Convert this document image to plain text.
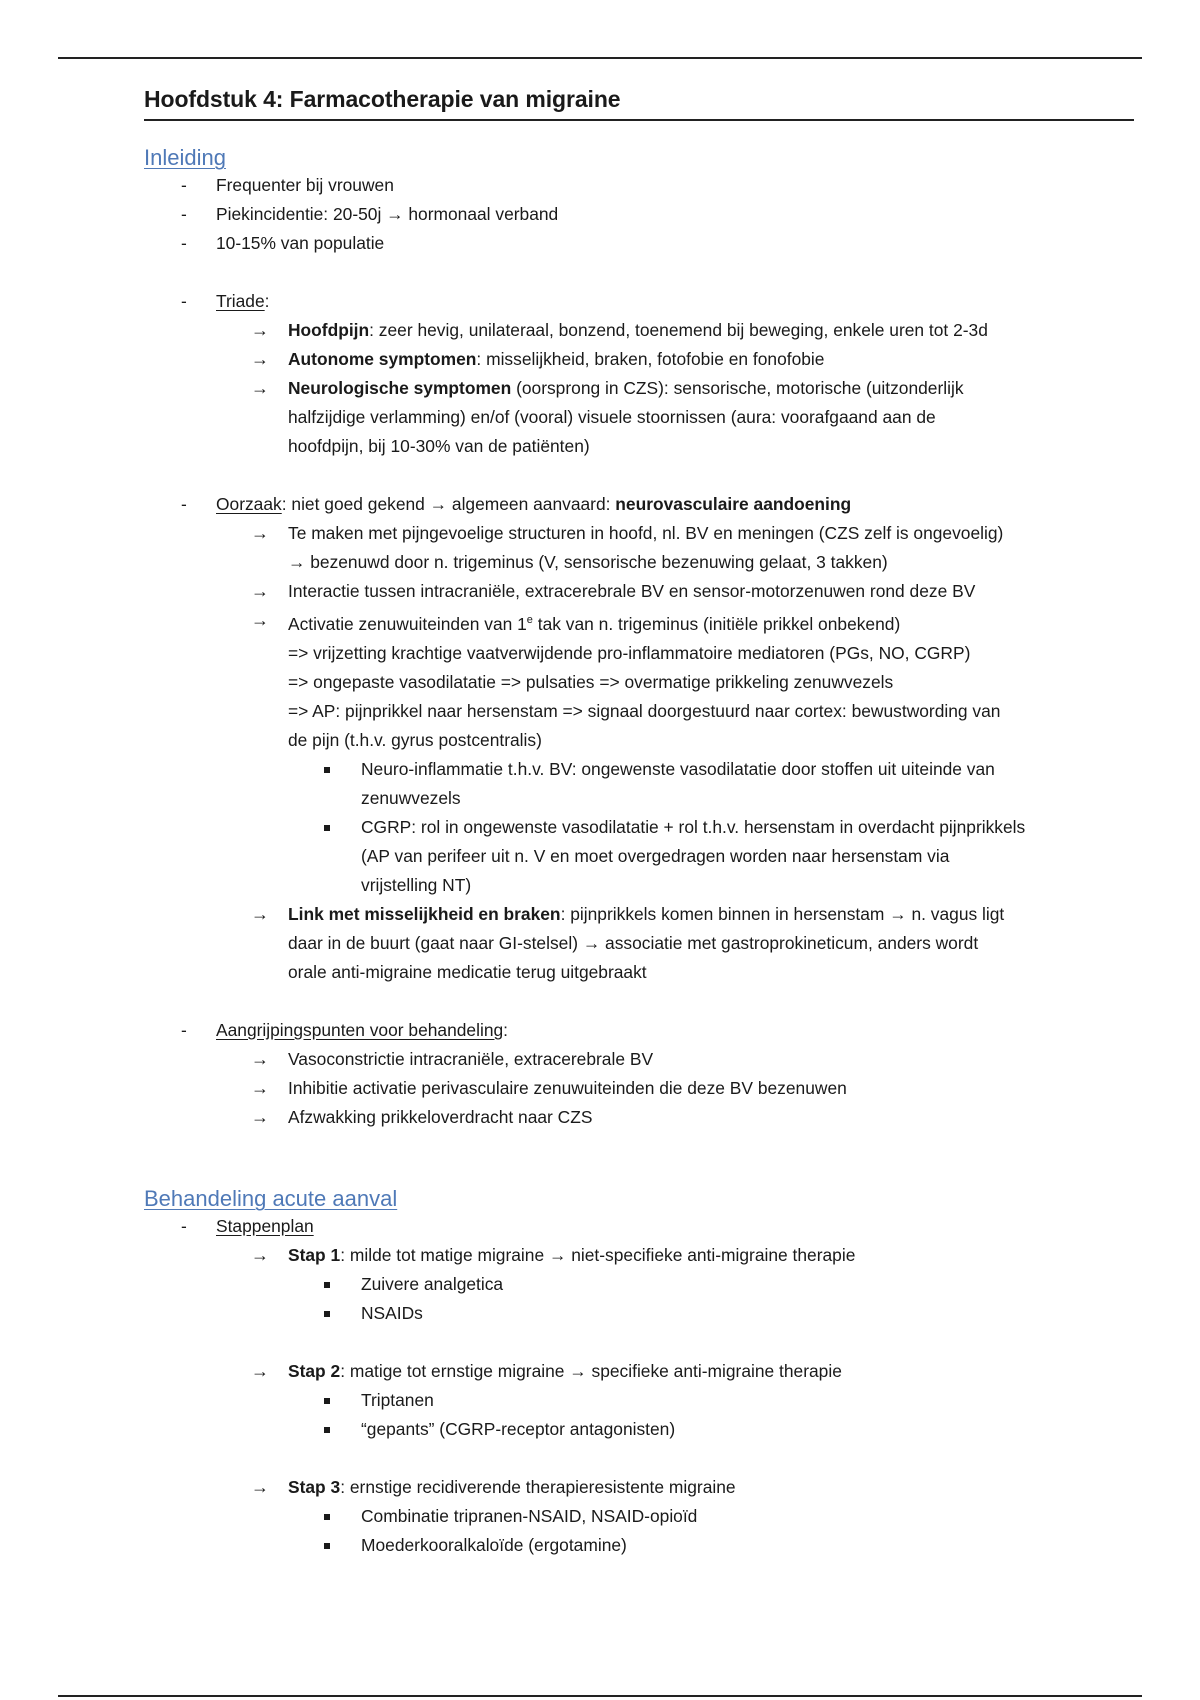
Hoofdstuk 4: Farmacotherapie van migraine
Inleiding
- Frequenter bij vrouwen
- Piekincidentie: 20-50j → hormonaal verband
- 10-15% van populatie
- Triade:
→ Hoofdpijn: zeer hevig, unilateraal, bonzend, toenemend bij beweging, enkele uren tot 2-3d
→ Autonome symptomen: misselijkheid, braken, fotofobie en fonofobie
→ Neurologische symptomen (oorsprong in CZS): sensorische, motorische (uitzonderlijk
halfzijdige verlamming) en/of (vooral) visuele stoornissen (aura: voorafgaand aan de
hoofdpijn, bij 10-30% van de patiënten)
- Oorzaak: niet goed gekend → algemeen aanvaard: neurovasculaire aandoening
→ Te maken met pijngevoelige structuren in hoofd, nl. BV en meningen (CZS zelf is ongevoelig)
→ bezenuwd door n. trigeminus (V, sensorische bezenuwing gelaat, 3 takken)
→ Interactie tussen intracraniële, extracerebrale BV en sensor-motorzenuwen rond deze BV
→ Activatie zenuwuiteinden van 1e tak van n. trigeminus (initiële prikkel onbekend)
=> vrijzetting krachtige vaatverwijdende pro-inflammatoire mediatoren (PGs, NO, CGRP)
=> ongepaste vasodilatatie => pulsaties => overmatige prikkeling zenuwvezels
=> AP: pijnprikkel naar hersenstam => signaal doorgestuurd naar cortex: bewustwording van
de pijn (t.h.v. gyrus postcentralis)
Neuro-inflammatie t.h.v. BV: ongewenste vasodilatatie door stoffen uit uiteinde van
zenuwvezels
CGRP: rol in ongewenste vasodilatatie + rol t.h.v. hersenstam in overdacht pijnprikkels
(AP van perifeer uit n. V en moet overgedragen worden naar hersenstam via
vrijstelling NT)
→ Link met misselijkheid en braken: pijnprikkels komen binnen in hersenstam → n. vagus ligt
daar in de buurt (gaat naar GI-stelsel) → associatie met gastroprokineticum, anders wordt
orale anti-migraine medicatie terug uitgebraakt
- Aangrijpingspunten voor behandeling:
→ Vasoconstrictie intracraniële, extracerebrale BV
→ Inhibitie activatie perivasculaire zenuwuiteinden die deze BV bezenuwen
→ Afzwakking prikkeloverdracht naar CZS
Behandeling acute aanval
- Stappenplan
→ Stap 1: milde tot matige migraine → niet-specifieke anti-migraine therapie
Zuivere analgetica
NSAIDs
→ Stap 2: matige tot ernstige migraine → specifieke anti-migraine therapie
Triptanen
“gepants” (CGRP-receptor antagonisten)
→ Stap 3: ernstige recidiverende therapieresistente migraine
Combinatie tripranen-NSAID, NSAID-opioïd
Moederkooralkaloïde (ergotamine)
